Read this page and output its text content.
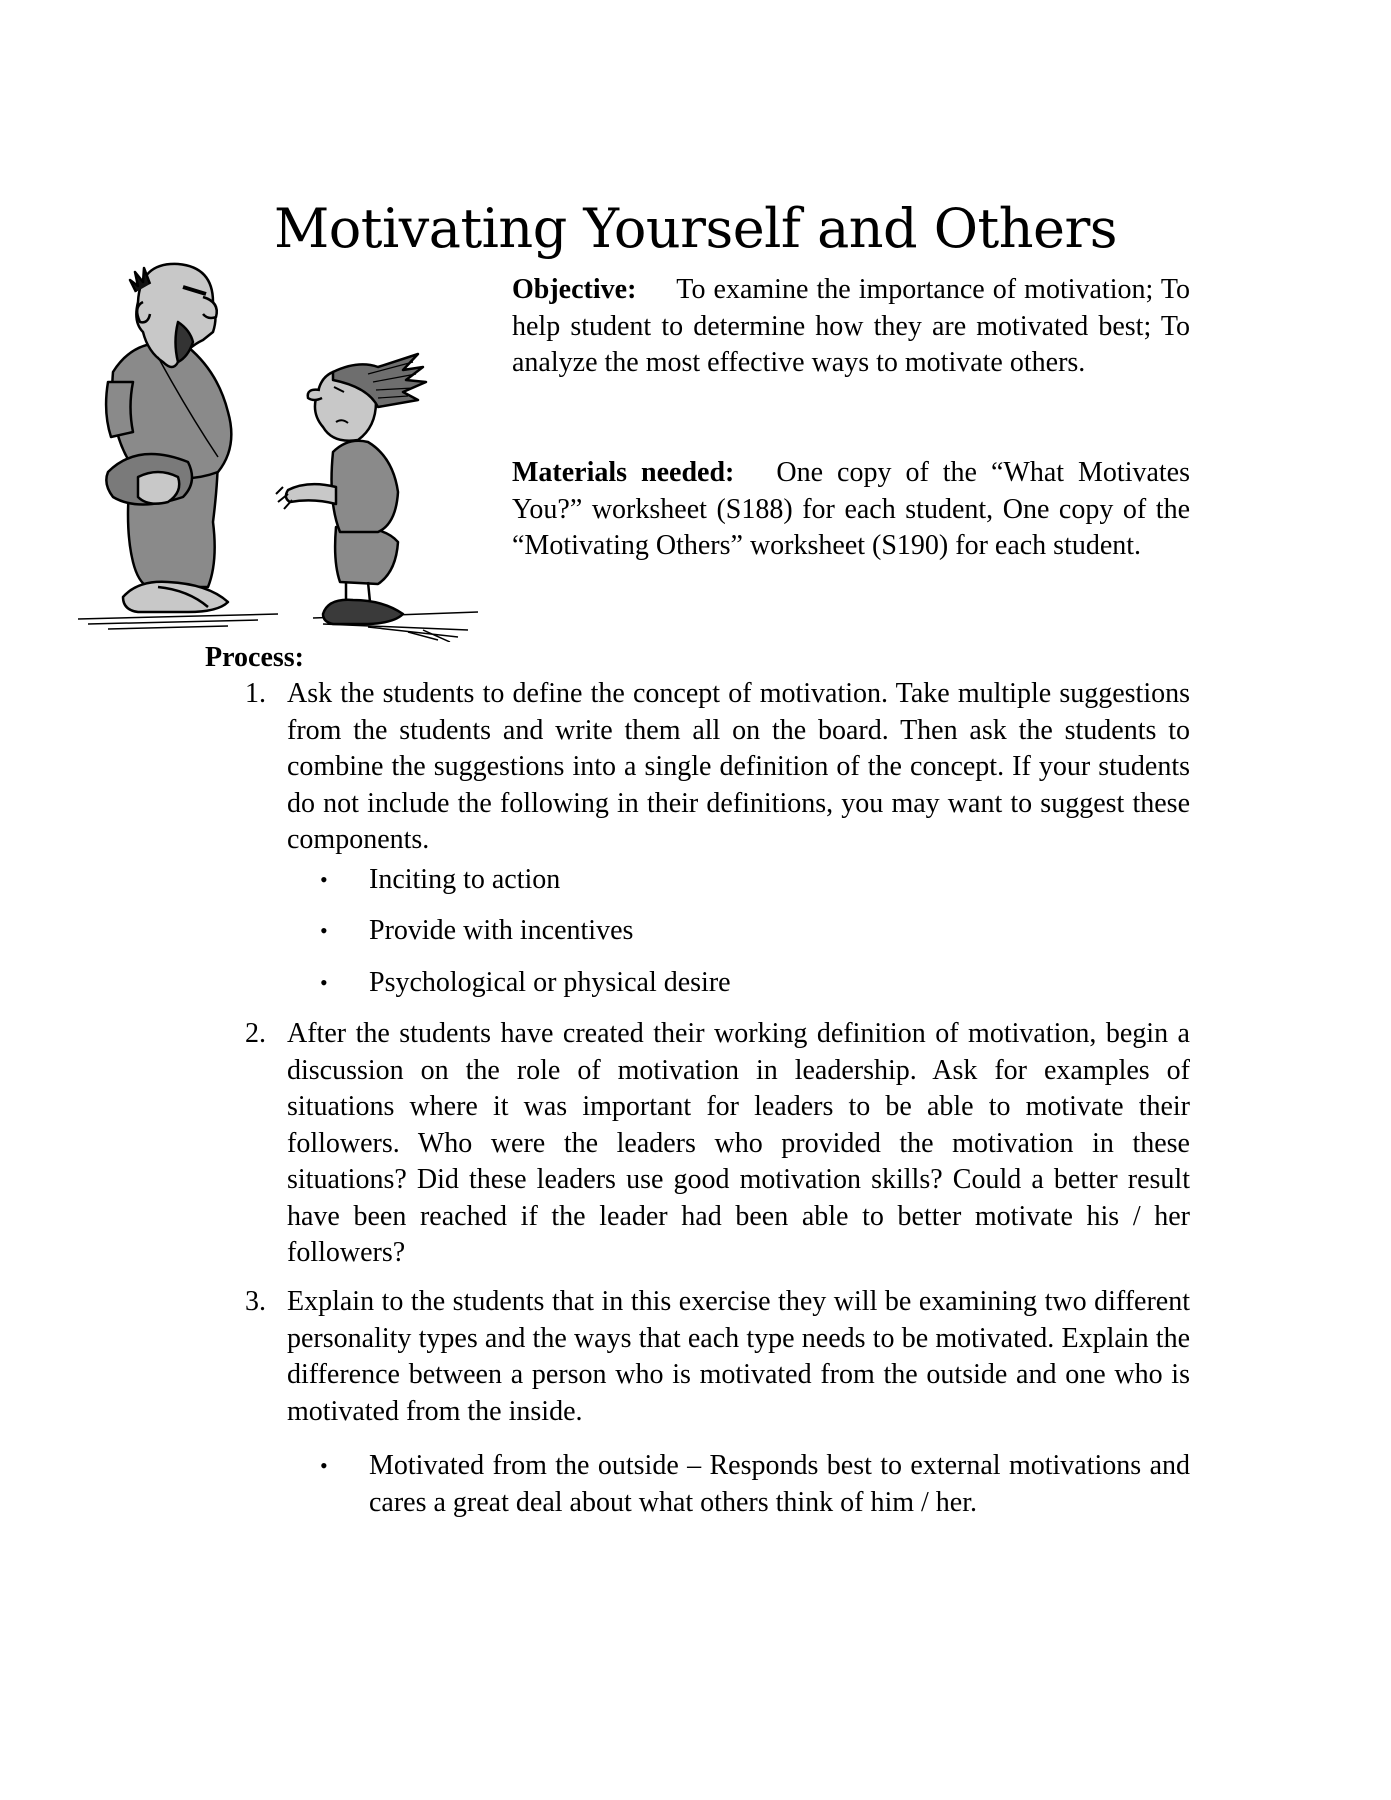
Motivating Yourself and Others
Objective: To examine the importance of motivation; To help student to determine how they are motivated best; To analyze the most effective ways to motivate others.
Materials needed: One copy of the “What Motivates You?” worksheet (S188) for each student, One copy of the “Motivating Others” worksheet (S190) for each student.
Process:
1. Ask the students to define the concept of motivation. Take multiple suggestions from the students and write them all on the board. Then ask the students to combine the suggestions into a single definition of the concept. If your students do not include the following in their definitions, you may want to suggest these components.
•	Inciting to action
•	Provide with incentives
•	Psychological or physical desire
2. After the students have created their working definition of motivation, begin a discussion on the role of motivation in leadership. Ask for examples of situations where it was important for leaders to be able to motivate their followers. Who were the leaders who provided the motivation in these situations? Did these leaders use good motivation skills? Could a better result have been reached if the leader had been able to better motivate his / her followers?
3. Explain to the students that in this exercise they will be examining two different personality types and the ways that each type needs to be motivated. Explain the difference between a person who is motivated from the outside and one who is motivated from the inside.
•	Motivated from the outside – Responds best to external motivations and cares a great deal about what others think of him / her.
